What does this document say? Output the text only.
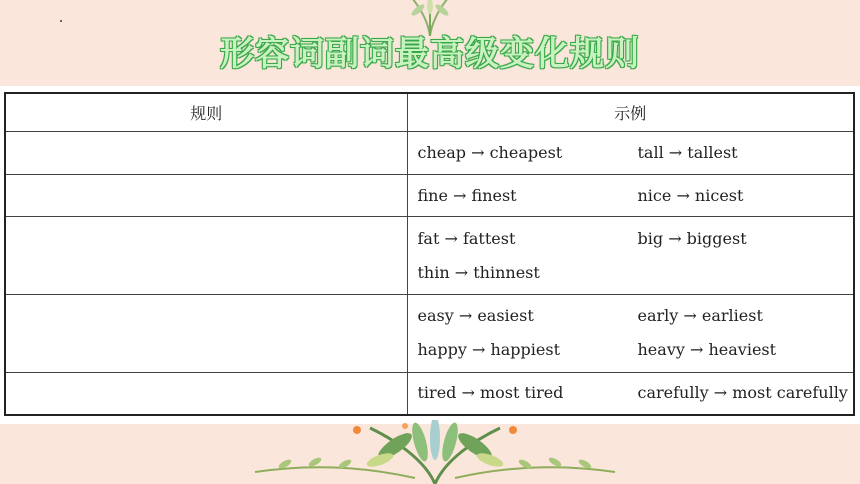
形容词副词最高级变化规则
规则	示例

	cheap → cheapest tall → tallest

	fine → finest nice → nicest

	fat → fattest big → biggest
thin → thinnest

	easy → easiest early → earliest
happy → happiest heavy → heaviest

	tired → most tired carefully → most carefully
